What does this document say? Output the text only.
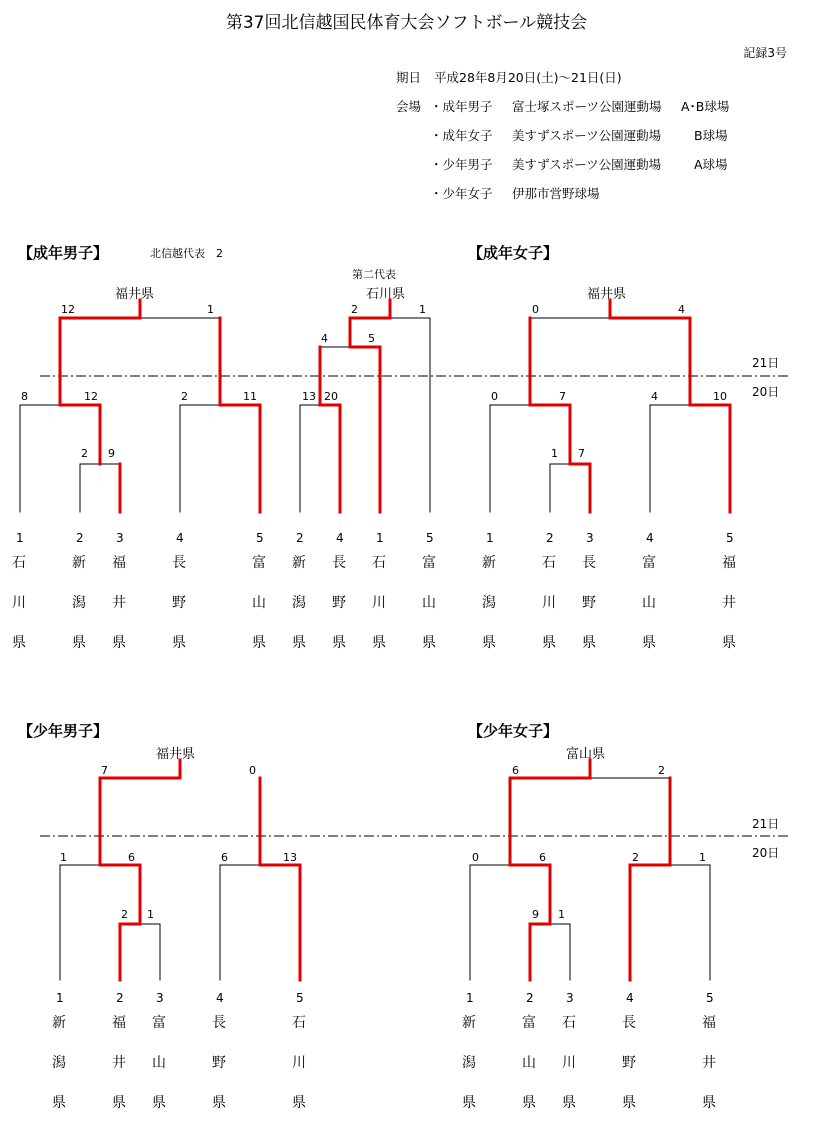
第37回北信越国民体育大会ソフトボール競技会
記録3号
期日 平成28年8月20日(土)～21日(日)
会場 ・成年男子 富士塚スポーツ公園運動場 A･B球場
・成年女子 美すずスポーツ公園運動場	B球場
・少年男子 美すずスポーツ公園運動場	A球場
・少年女子 伊那市営野球場
【成年男子】	北信越代表　2	【成年女子】
【少年男子】	【少年女子】
福井県
第二代表
石川県	福井県
福井県	富山県
21日
20日
21日
20日
2 9
8	12	2	11
12	1
13 20
4	5
2	1
1 7
0	7	4	10
0	4
2 1
1	6	6	13
7	0
9 1
0	6	2	1
6	2
1
石
川
県
2
新
潟
県
3
福
井
県
4
長
野
県
5
富
山
県
2
新
潟
県
4
長
野
県
1
石
川
県
5
富
山
県
1
新
潟
県
2
石
川
県
3
長
野
県
4
富
山
県
5
福
井
県
1
新
潟
県
2
福
井
県
3
富
山
県
4
長
野
県
5
石
川
県
1
新
潟
県
2
富
山
県
3
石
川
県
4
長
野
県
5
福
井
県
